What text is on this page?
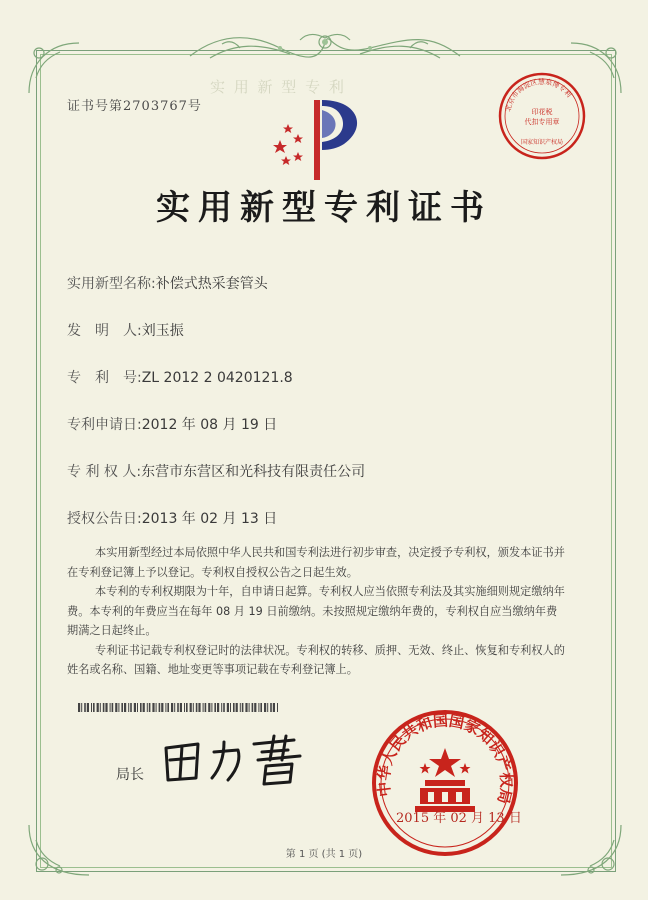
证书号第2703767号	北京市海淀区慧泉博专利
印花税
代扣专用章
国家知识产权局
实 用 新 型 专 利
实用新型专利证书
实用新型名称:补偿式热采套管头
发　明　人:刘玉振
专　利　号:ZL 2012 2 0420121.8
专利申请日:2012 年 08 月 19 日
专 利 权 人:东营市东营区和光科技有限责任公司
授权公告日:2013 年 02 月 13 日

本实用新型经过本局依照中华人民共和国专利法进行初步审查，决定授予专利权，颁发本证书并在专利登记簿上予以登记。专利权自授权公告之日起生效。

本专利的专利权期限为十年，自申请日起算。专利权人应当依照专利法及其实施细则规定缴纳年费。本专利的年费应当在每年 08 月 19 日前缴纳。未按照规定缴纳年费的，专利权自应当缴纳年费期满之日起终止。

专利证书记载专利权登记时的法律状况。专利权的转移、质押、无效、终止、恢复和专利权人的姓名或名称、国籍、地址变更等事项记载在专利登记簿上。

局长
中华人民共和国国家知识产权局
2015 年 02 月 13 日
第 1 页 (共 1 页)
